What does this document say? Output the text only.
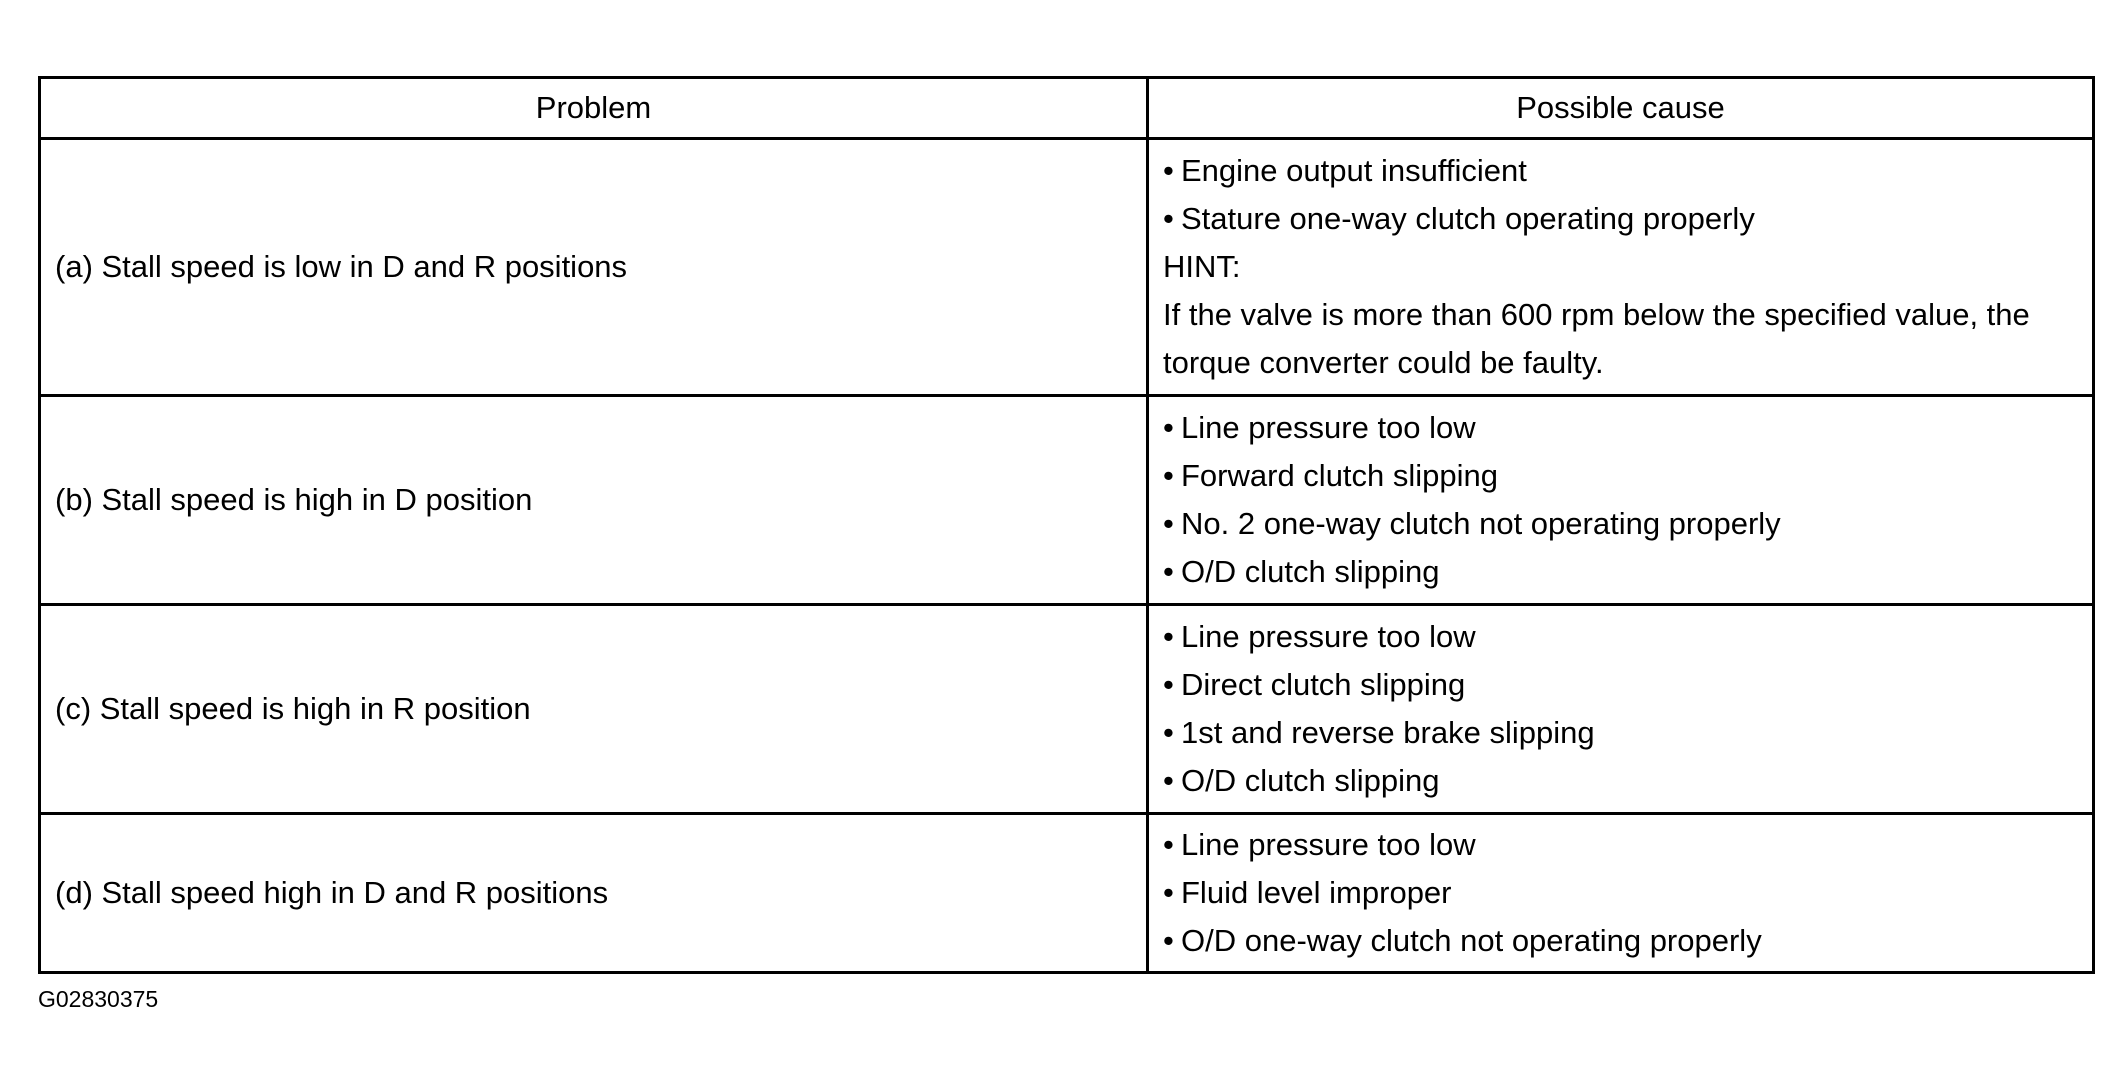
Problem	Possible cause
(a) Stall speed is low in D and R positions	• Engine output insufficient
• Stature one-way clutch operating properly
HINT:
If the valve is more than 600 rpm below the specified value, the torque converter could be faulty.

(b) Stall speed is high in D position	• Line pressure too low
• Forward clutch slipping
• No. 2 one-way clutch not operating properly
• O/D clutch slipping

(c) Stall speed is high in R position	• Line pressure too low
• Direct clutch slipping
• 1st and reverse brake slipping
• O/D clutch slipping

(d) Stall speed high in D and R positions	• Line pressure too low
• Fluid level improper
• O/D one-way clutch not operating properly
G02830375
